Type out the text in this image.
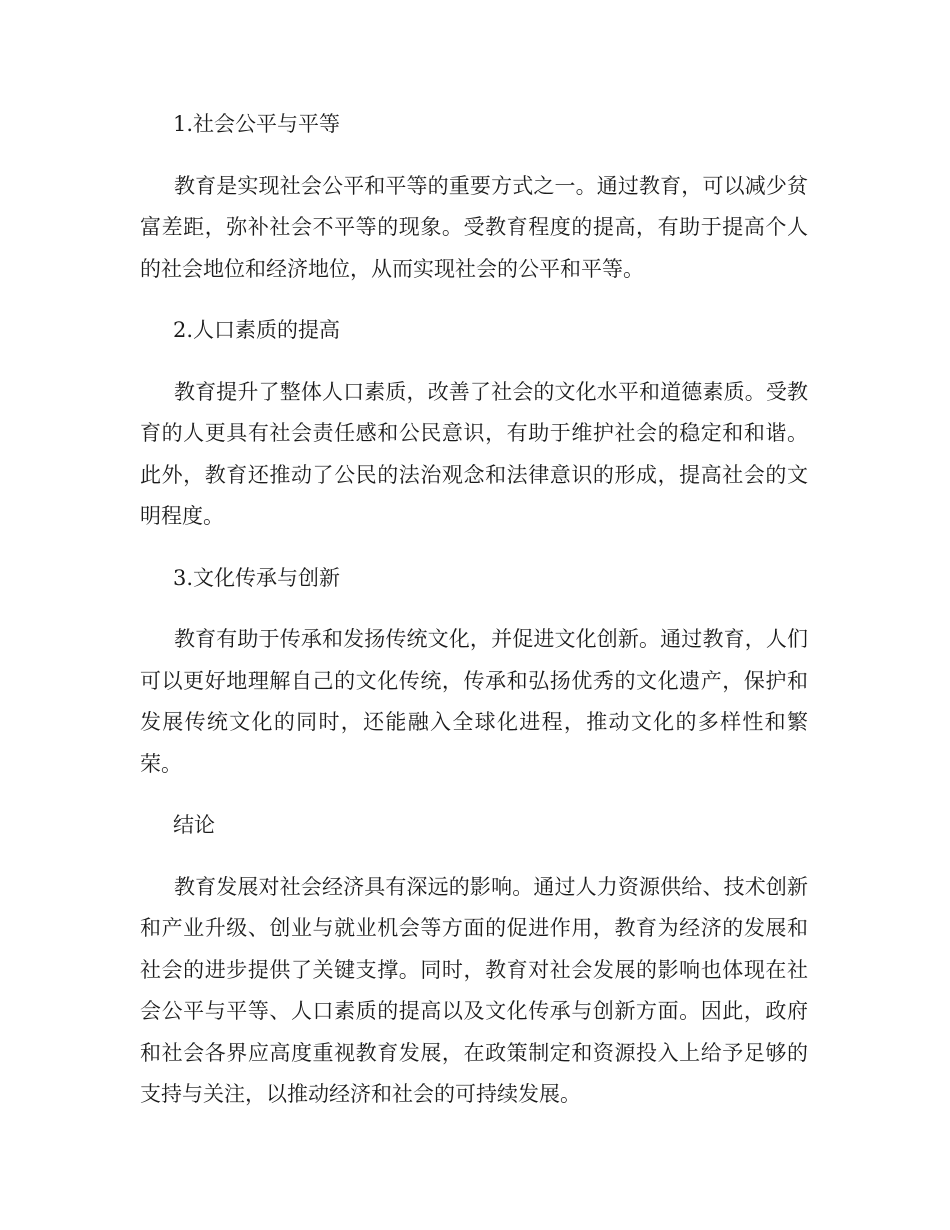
1.社会公平与平等

教育是实现社会公平和平等的重要方式之一。通过教育，可以减少贫富差距，弥补社会不平等的现象。受教育程度的提高，有助于提高个人的社会地位和经济地位，从而实现社会的公平和平等。

2.人口素质的提高

教育提升了整体人口素质，改善了社会的文化水平和道德素质。受教育的人更具有社会责任感和公民意识，有助于维护社会的稳定和和谐。此外，教育还推动了公民的法治观念和法律意识的形成，提高社会的文明程度。

3.文化传承与创新

教育有助于传承和发扬传统文化，并促进文化创新。通过教育，人们可以更好地理解自己的文化传统，传承和弘扬优秀的文化遗产，保护和发展传统文化的同时，还能融入全球化进程，推动文化的多样性和繁荣。

结论

教育发展对社会经济具有深远的影响。通过人力资源供给、技术创新和产业升级、创业与就业机会等方面的促进作用，教育为经济的发展和社会的进步提供了关键支撑。同时，教育对社会发展的影响也体现在社会公平与平等、人口素质的提高以及文化传承与创新方面。因此，政府和社会各界应高度重视教育发展，在政策制定和资源投入上给予足够的支持与关注，以推动经济和社会的可持续发展。
